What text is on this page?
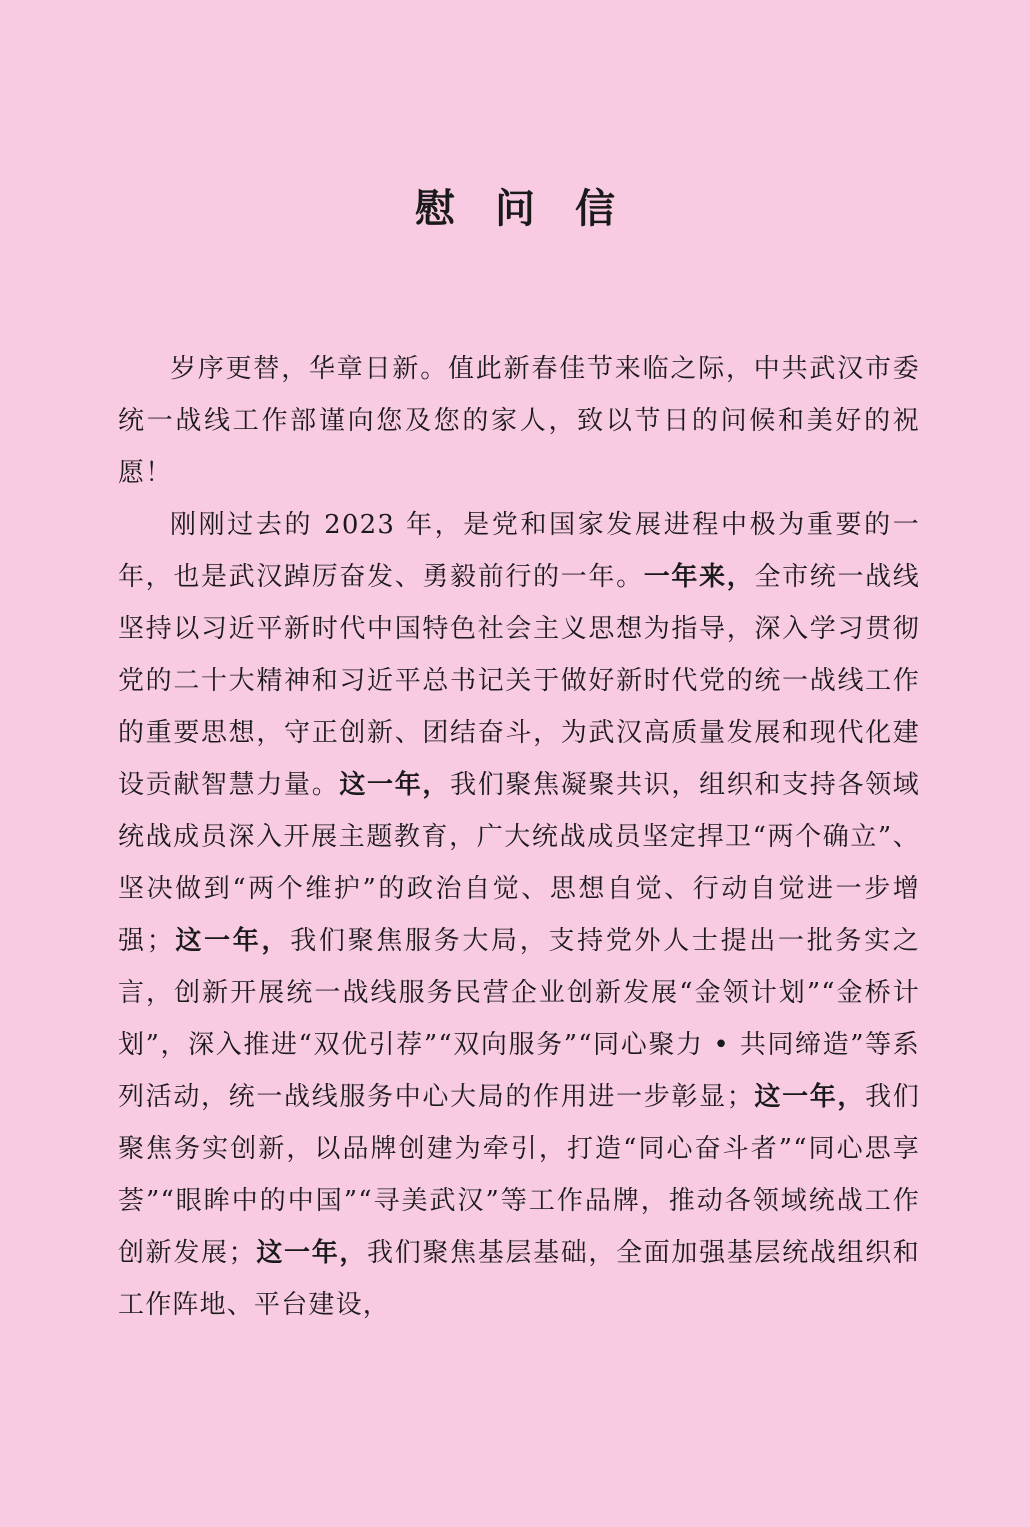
慰问信

岁序更替，华章日新。值此新春佳节来临之际，中共武汉市委统一战线工作部谨向您及您的家人，致以节日的问候和美好的祝愿！

刚刚过去的 2023 年，是党和国家发展进程中极为重要的一年，也是武汉踔厉奋发、勇毅前行的一年。一年来，全市统一战线坚持以习近平新时代中国特色社会主义思想为指导，深入学习贯彻党的二十大精神和习近平总书记关于做好新时代党的统一战线工作的重要思想，守正创新、团结奋斗，为武汉高质量发展和现代化建设贡献智慧力量。这一年，我们聚焦凝聚共识，组织和支持各领域统战成员深入开展主题教育，广大统战成员坚定捍卫“两个确立”、坚决做到“两个维护”的政治自觉、思想自觉、行动自觉进一步增强；这一年，我们聚焦服务大局，支持党外人士提出一批务实之言，创新开展统一战线服务民营企业创新发展“金领计划”“金桥计划”，深入推进“双优引荐”“双向服务”“同心聚力 • 共同缔造”等系列活动，统一战线服务中心大局的作用进一步彰显；这一年，我们聚焦务实创新，以品牌创建为牵引，打造“同心奋斗者”“同心思享荟”“眼眸中的中国”“寻美武汉”等工作品牌，推动各领域统战工作创新发展；这一年，我们聚焦基层基础，全面加强基层统战组织和工作阵地、平台建设，
